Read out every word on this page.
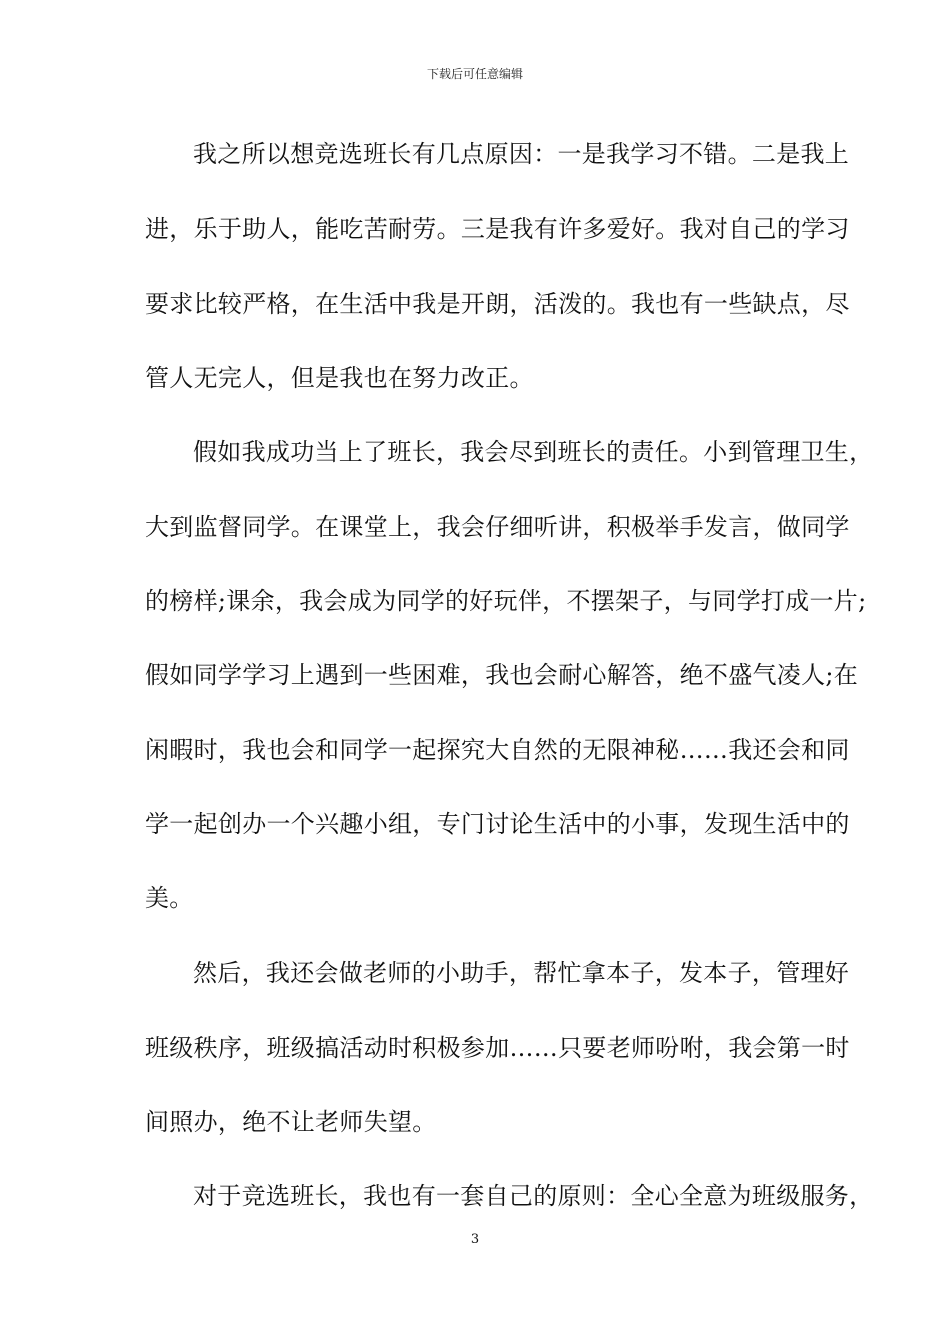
下载后可任意编辑
我之所以想竞选班长有几点原因：一是我学习不错。二是我上
进，乐于助人，能吃苦耐劳。三是我有许多爱好。我对自己的学习
要求比较严格，在生活中我是开朗，活泼的。我也有一些缺点，尽
管人无完人，但是我也在努力改正。
假如我成功当上了班长，我会尽到班长的责任。小到管理卫生，
大到监督同学。在课堂上，我会仔细听讲，积极举手发言，做同学
的榜样;课余，我会成为同学的好玩伴，不摆架子，与同学打成一片;
假如同学学习上遇到一些困难，我也会耐心解答，绝不盛气凌人;在
闲暇时，我也会和同学一起探究大自然的无限神秘……我还会和同
学一起创办一个兴趣小组，专门讨论生活中的小事，发现生活中的
美。
然后，我还会做老师的小助手，帮忙拿本子，发本子，管理好
班级秩序，班级搞活动时积极参加……只要老师吩咐，我会第一时
间照办，绝不让老师失望。
对于竞选班长，我也有一套自己的原则：全心全意为班级服务，
3
